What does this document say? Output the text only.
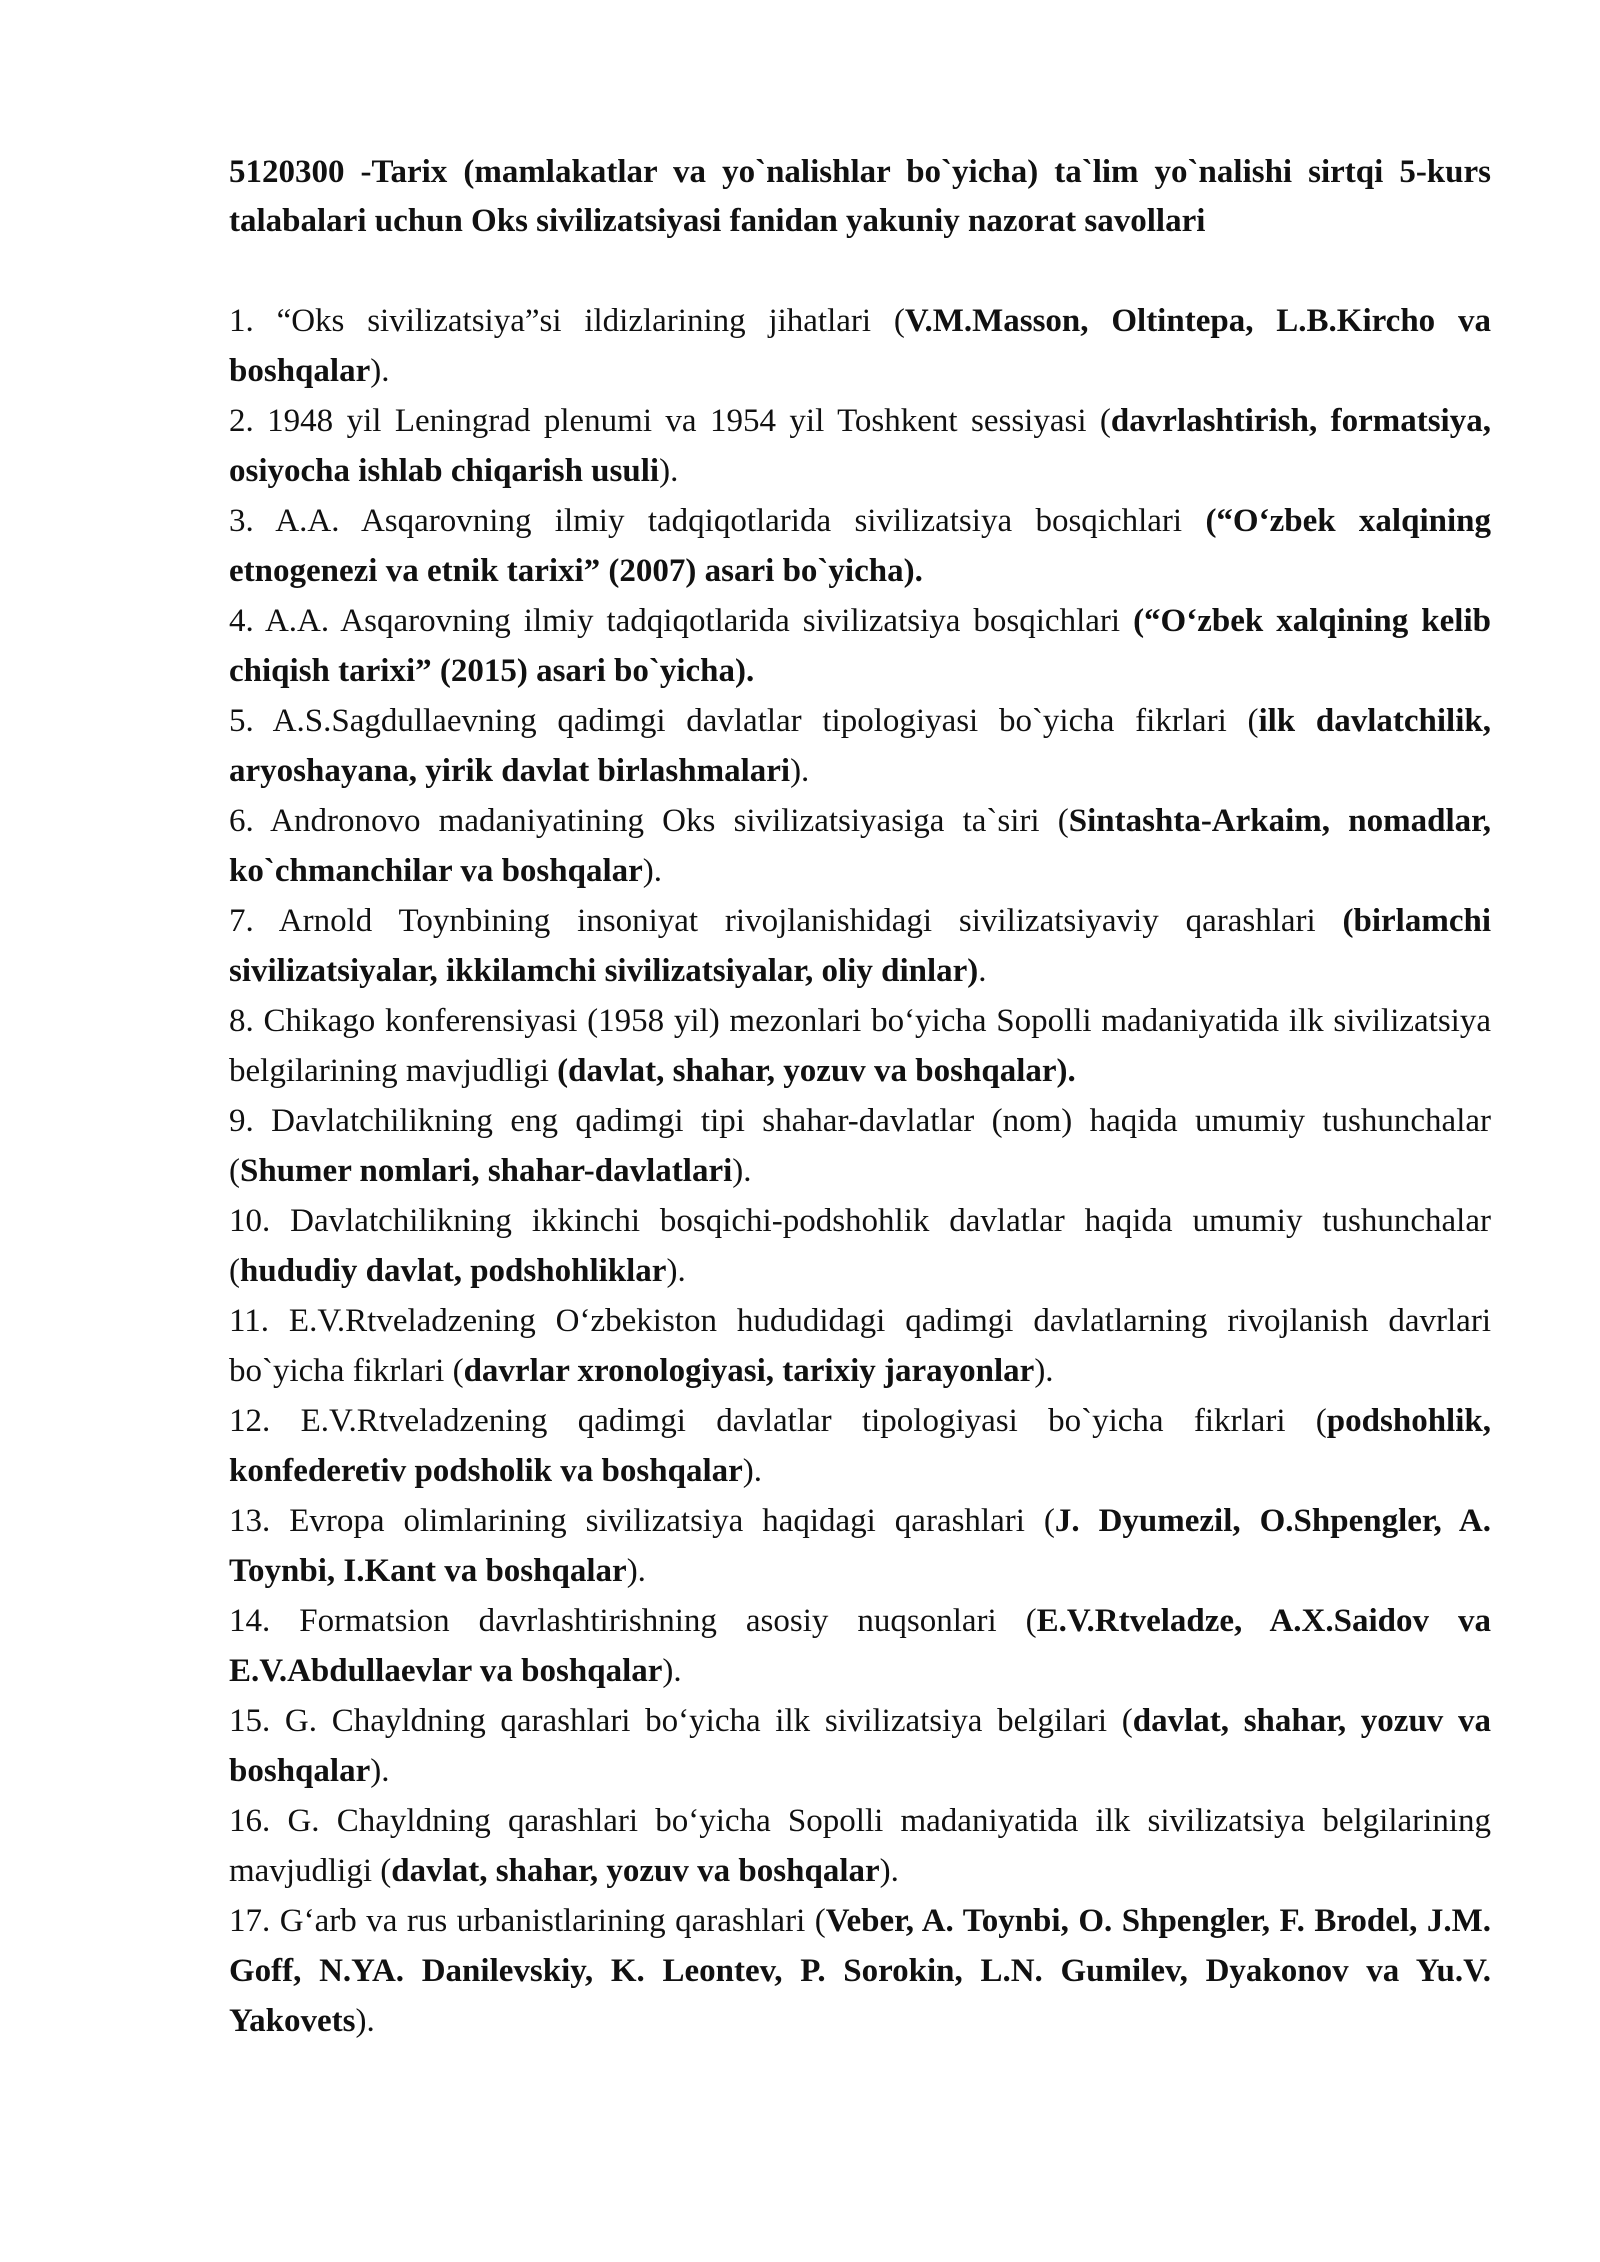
5120300 -Tarix (mamlakatlar va yo`nalishlar bo`yicha) ta`lim yo`nalishi sirtqi 5-kurs talabalari uchun Oks sivilizatsiyasi fanidan yakuniy nazorat savollari

1. “Oks sivilizatsiya”si ildizlarining jihatlari (V.M.Masson, Oltintepa, L.B.Kircho va boshqalar).

2. 1948 yil Leningrad plenumi va 1954 yil Toshkent sessiyasi (davrlashtirish, formatsiya, osiyocha ishlab chiqarish usuli).

3. A.A. Asqarovning ilmiy tadqiqotlarida sivilizatsiya bosqichlari (“O‘zbek xalqining etnogenezi va etnik tarixi” (2007) asari bo`yicha).

4. A.A. Asqarovning ilmiy tadqiqotlarida sivilizatsiya bosqichlari (“O‘zbek xalqining kelib chiqish tarixi” (2015) asari bo`yicha).

5. A.S.Sagdullaevning qadimgi davlatlar tipologiyasi bo`yicha fikrlari (ilk davlatchilik, aryoshayana, yirik davlat birlashmalari).

6. Andronovo madaniyatining Oks sivilizatsiyasiga ta`siri (Sintashta-Arkaim, nomadlar, ko`chmanchilar va boshqalar).

7. Arnold Toynbining insoniyat rivojlanishidagi sivilizatsiyaviy qarashlari (birlamchi sivilizatsiyalar, ikkilamchi sivilizatsiyalar, oliy dinlar).

8. Chikago konferensiyasi (1958 yil) mezonlari bo‘yicha Sopolli madaniyatida ilk sivilizatsiya belgilarining mavjudligi (davlat, shahar, yozuv va boshqalar).

9. Davlatchilikning eng qadimgi tipi shahar-davlatlar (nom) haqida umumiy tushunchalar (Shumer nomlari, shahar-davlatlari).

10. Davlatchilikning ikkinchi bosqichi-podshohlik davlatlar haqida umumiy tushunchalar (hududiy davlat, podshohliklar).

11. E.V.Rtveladzening O‘zbekiston hududidagi qadimgi davlatlarning rivojlanish davrlari bo`yicha fikrlari (davrlar xronologiyasi, tarixiy jarayonlar).

12. E.V.Rtveladzening qadimgi davlatlar tipologiyasi bo`yicha fikrlari (podshohlik, konfederetiv podsholik va boshqalar).

13. Evropa olimlarining sivilizatsiya haqidagi qarashlari (J. Dyumezil, O.Shpengler, A. Toynbi, I.Kant va boshqalar).

14. Formatsion davrlashtirishning asosiy nuqsonlari (E.V.Rtveladze, A.X.Saidov va E.V.Abdullaevlar va boshqalar).

15. G. Chayldning qarashlari bo‘yicha ilk sivilizatsiya belgilari (davlat, shahar, yozuv va boshqalar).

16. G. Chayldning qarashlari bo‘yicha Sopolli madaniyatida ilk sivilizatsiya belgilarining mavjudligi (davlat, shahar, yozuv va boshqalar).

17. G‘arb va rus urbanistlarining qarashlari (Veber, A. Toynbi, O. Shpengler, F. Brodel, J.M. Goff, N.YA. Danilevskiy, K. Leontev, P. Sorokin, L.N. Gumilev, Dyakonov va Yu.V. Yakovets).
